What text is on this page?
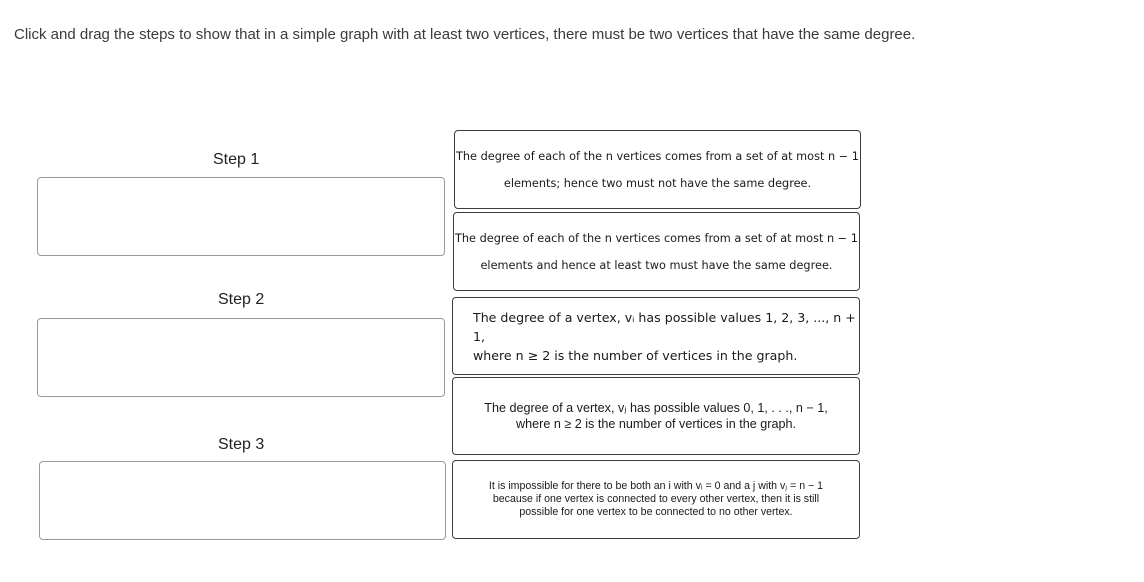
Click and drag the steps to show that in a simple graph with at least two vertices, there must be two vertices that have the same degree.
Step 1
Step 2
Step 3
The degree of each of the n vertices comes from a set of at most n − 1
elements; hence two must not have the same degree.
The degree of each of the n vertices comes from a set of at most n − 1
elements and hence at least two must have the same degree.
The degree of a vertex, vᵢ has possible values 1, 2, 3, ..., n + 1,
where n ≥ 2 is the number of vertices in the graph.
The degree of a vertex, vⱼ has possible values 0, 1, . . ., n − 1,
where n ≥ 2 is the number of vertices in the graph.
It is impossible for there to be both an i with vᵢ = 0 and a j with vⱼ = n − 1
because if one vertex is connected to every other vertex, then it is still
possible for one vertex to be connected to no other vertex.
